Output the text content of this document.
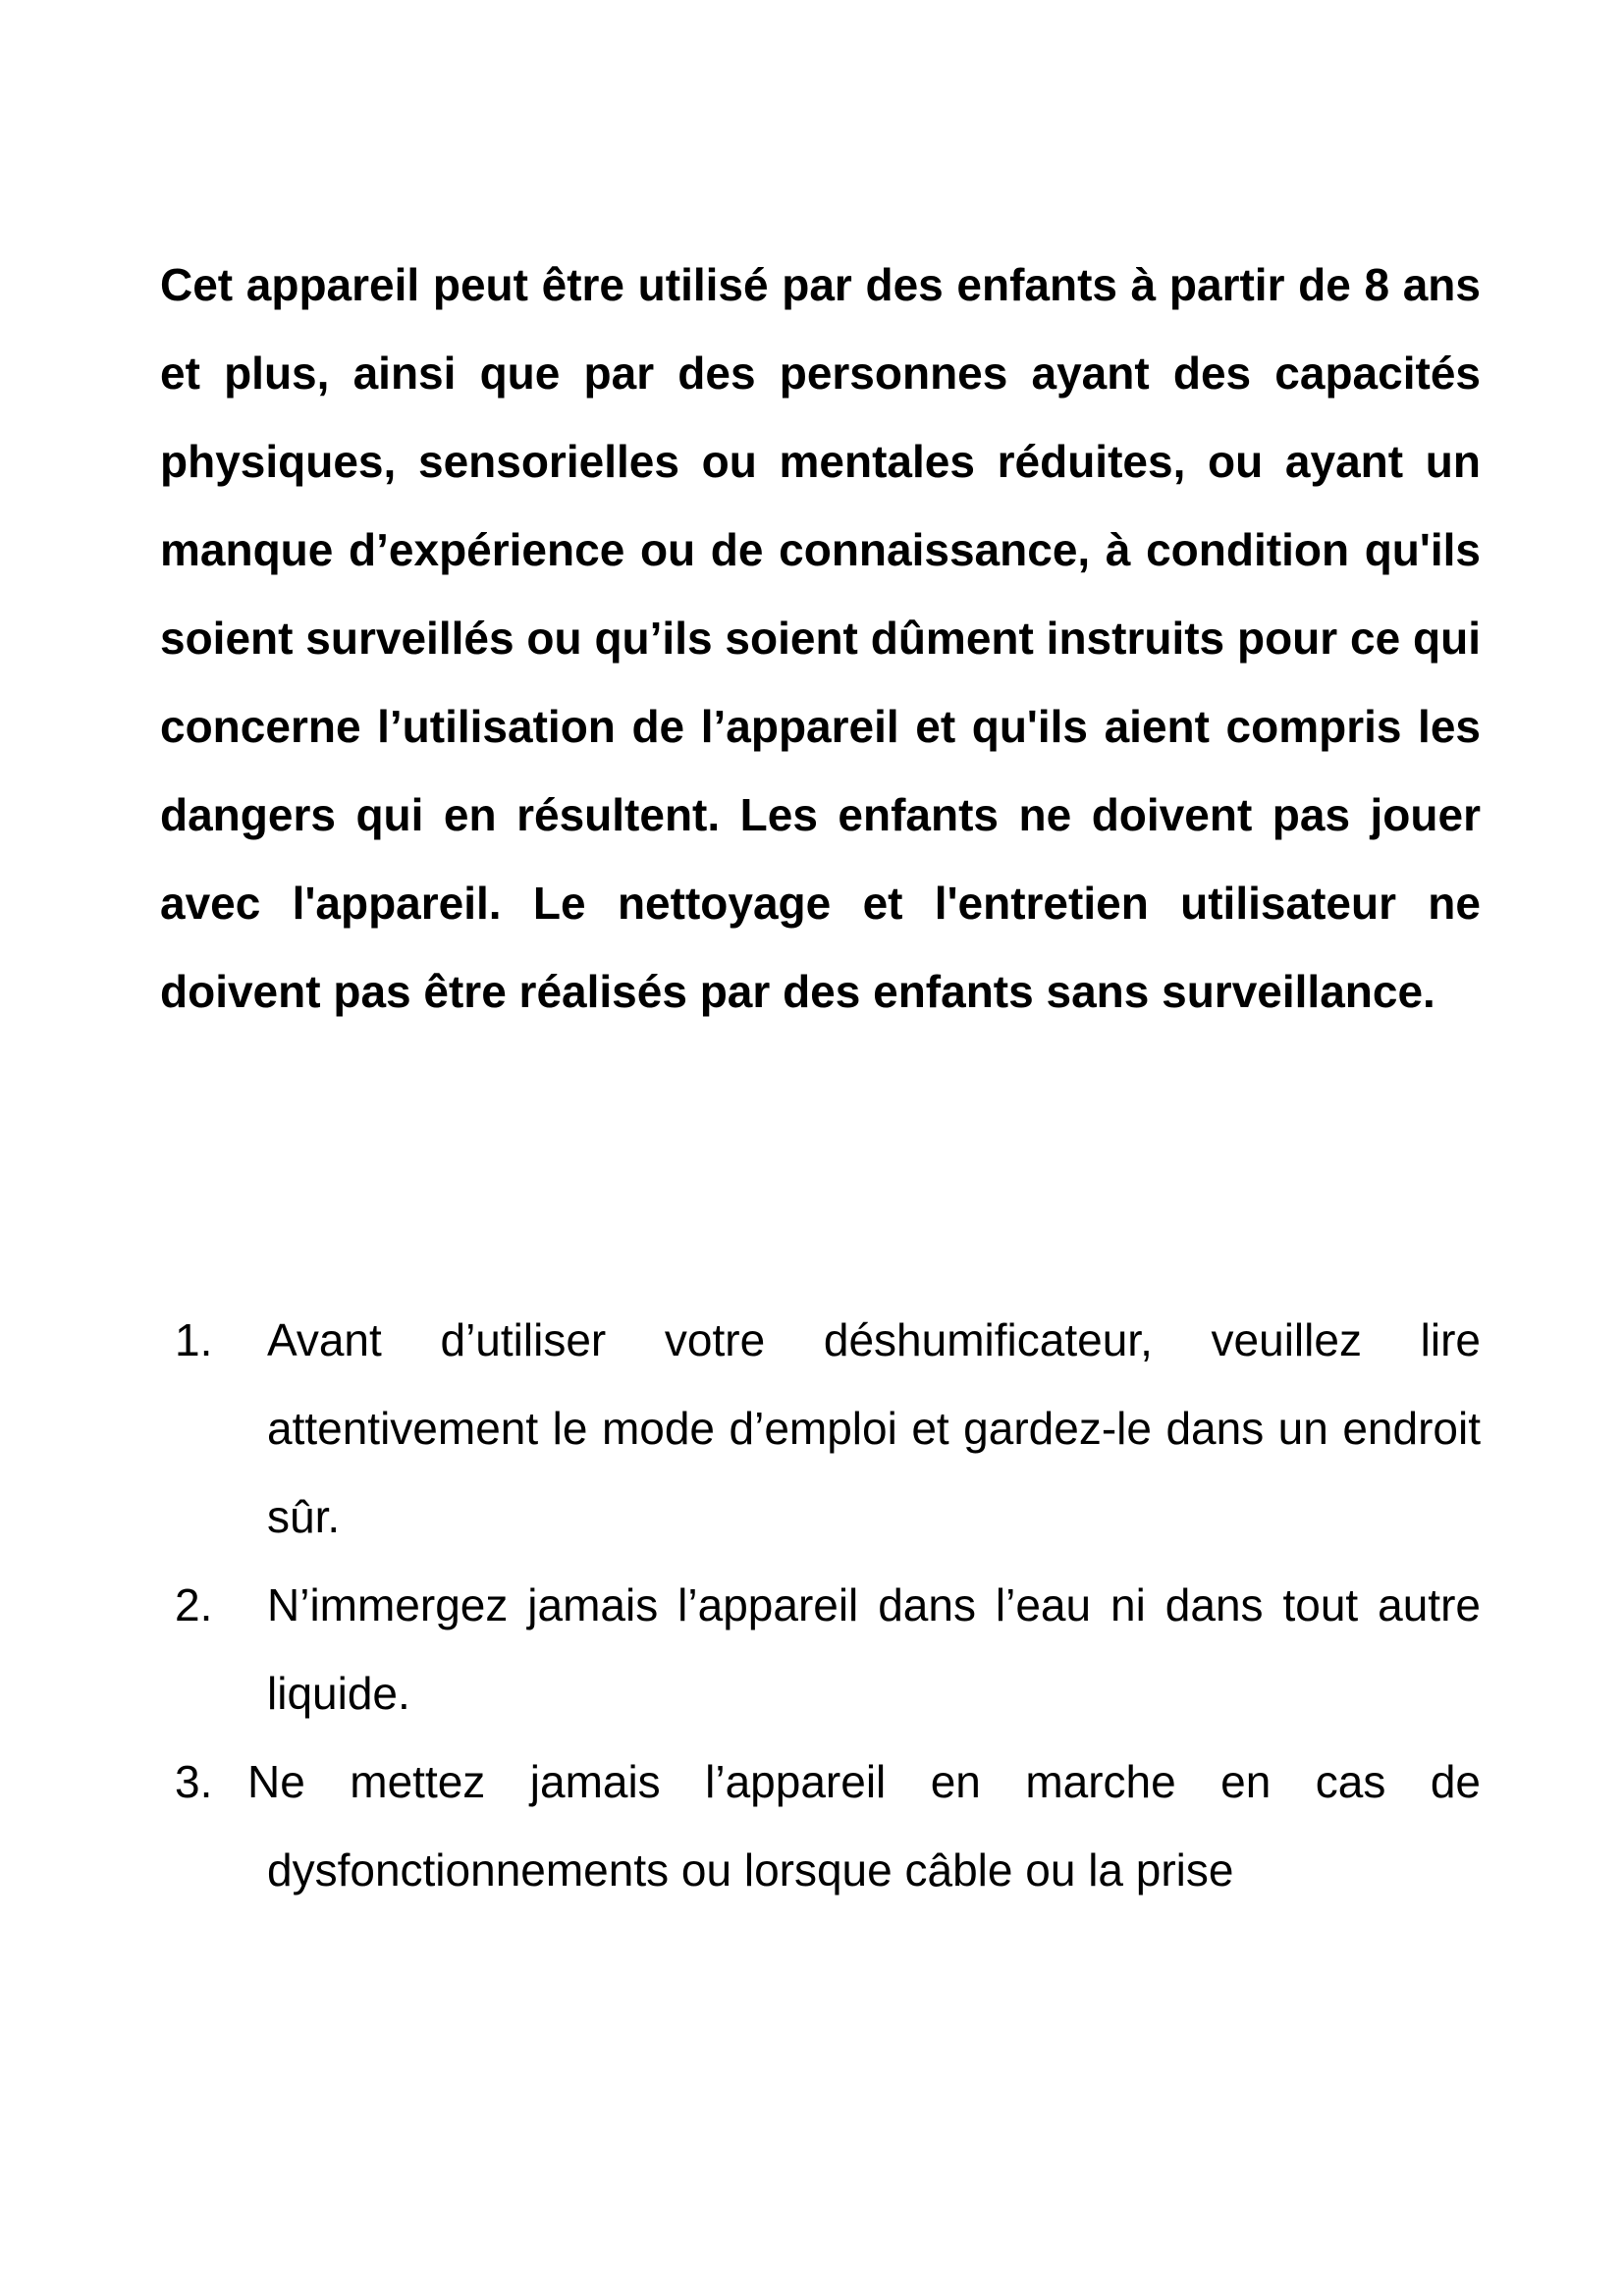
Cet appareil peut être utilisé par des enfants à partir de 8 ans et plus, ainsi que par des personnes ayant des capacités physiques, sensorielles ou mentales réduites, ou ayant un manque d’expérience ou de connaissance, à condition qu'ils soient surveillés ou qu’ils soient dûment instruits pour ce qui concerne l’utilisation de l’appareil et qu'ils aient compris les dangers qui en résultent. Les enfants ne doivent pas jouer avec l'appareil. Le nettoyage et l'entretien utilisateur ne doivent pas être réalisés par des enfants sans surveillance.

1. Avant d’utiliser votre déshumificateur, veuillez lire attentivement le mode d’emploi et gardez-le dans un endroit sûr.
2. N’immergez jamais l’appareil dans l’eau ni dans tout autre liquide.
3. Ne mettez jamais l’appareil en marche en cas de dysfonctionnements ou lorsque câble ou la prise
